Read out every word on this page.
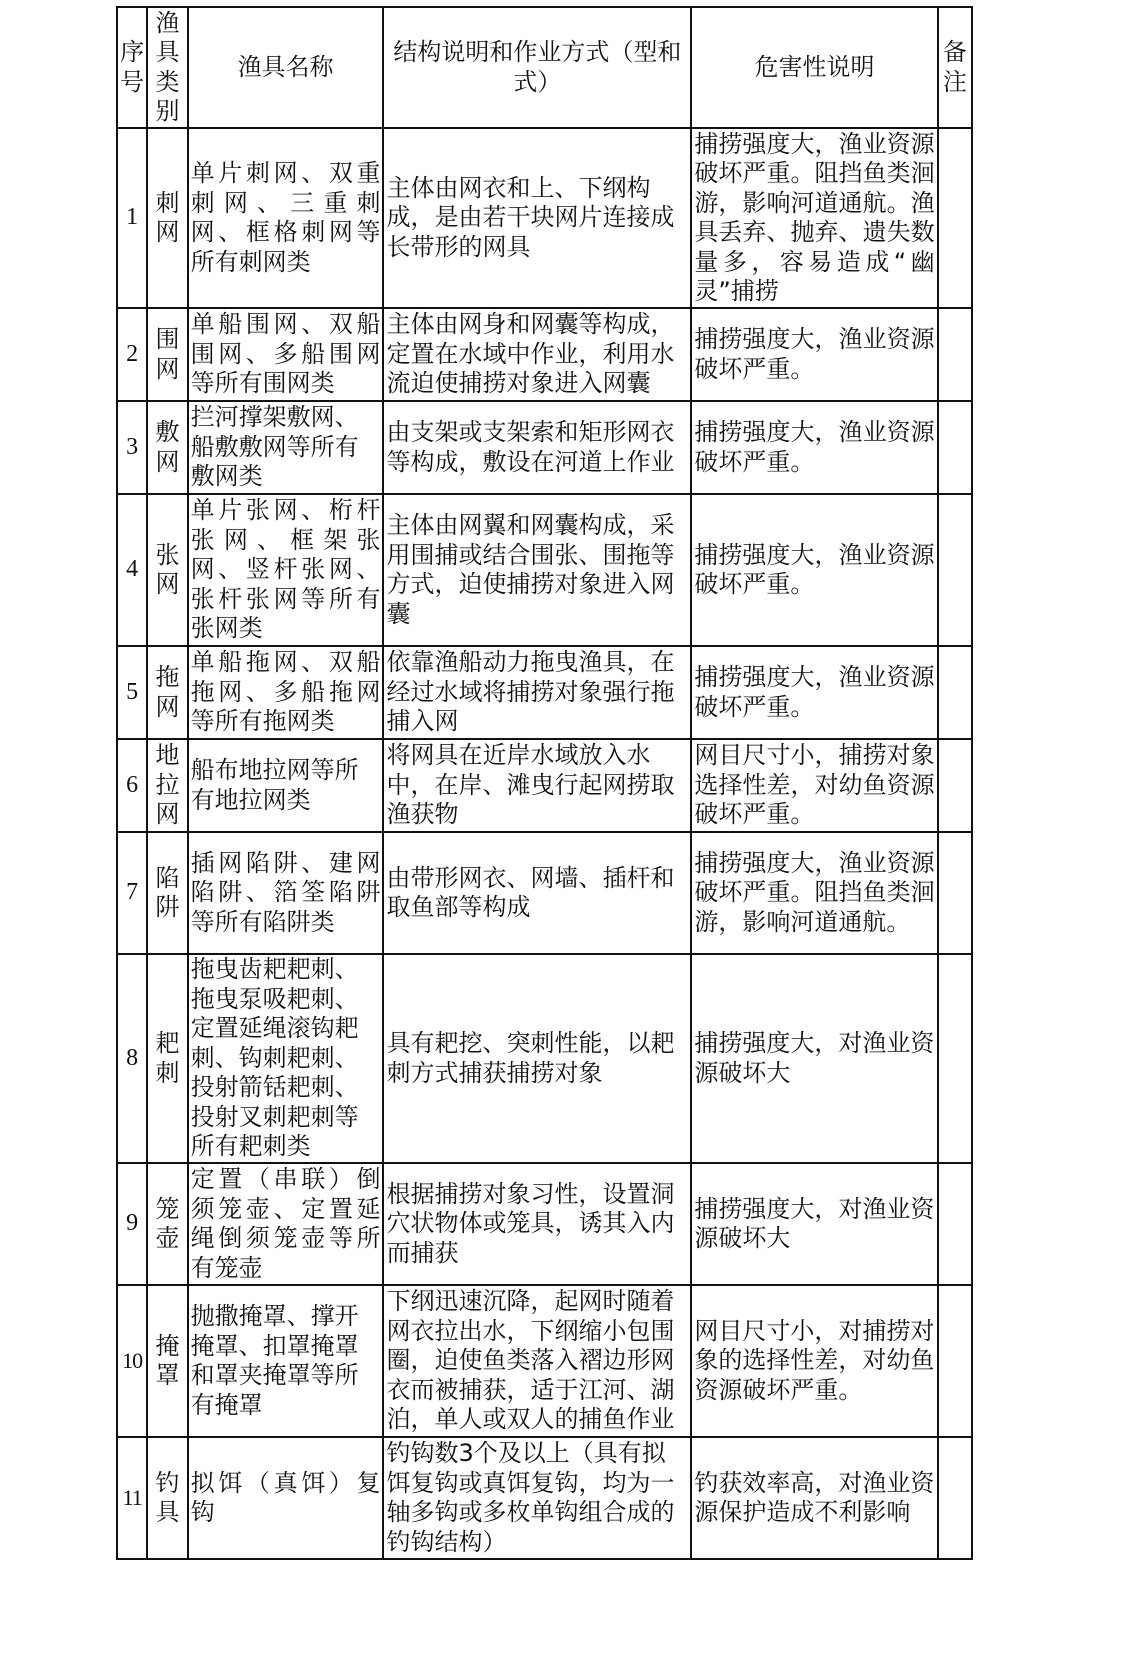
序号	渔具类别	渔具名称	结构说明和作业方式（型和式）	危害性说明	备注
1	刺网	单片刺网、双重刺网、三重刺网、框格刺网等所有刺网类	主体由网衣和上、下纲构成，是由若干块网片连接成长带形的网具	捕捞强度大，渔业资源破坏严重。阻挡鱼类洄游，影响河道通航。渔具丢弃、抛弃、遗失数量多，容易造成“幽灵”捕捞	
2	围网	单船围网、双船围网、多船围网等所有围网类	主体由网身和网囊等构成，定置在水域中作业，利用水流迫使捕捞对象进入网囊	捕捞强度大，渔业资源破坏严重。	
3	敷网	拦河撑架敷网、船敷敷网等所有敷网类	由支架或支架索和矩形网衣等构成，敷设在河道上作业	捕捞强度大，渔业资源破坏严重。	
4	张网	单片张网、桁杆张网、框架张网、竖杆张网、张杆张网等所有张网类	主体由网翼和网囊构成，采用围捕或结合围张、围拖等方式，迫使捕捞对象进入网囊	捕捞强度大，渔业资源破坏严重。	
5	拖网	单船拖网、双船拖网、多船拖网等所有拖网类	依靠渔船动力拖曳渔具，在经过水域将捕捞对象强行拖捕入网	捕捞强度大，渔业资源破坏严重。	
6	地拉网	船布地拉网等所有地拉网类	将网具在近岸水域放入水中，在岸、滩曳行起网捞取渔获物	网目尺寸小，捕捞对象选择性差，对幼鱼资源破坏严重。	
7	陷阱	插网陷阱、建网陷阱、箔筌陷阱等所有陷阱类	由带形网衣、网墙、插杆和取鱼部等构成	捕捞强度大，渔业资源破坏严重。阻挡鱼类洄游，影响河道通航。	
8	耙刺	拖曳齿耙耙刺、拖曳泵吸耙刺、定置延绳滚钩耙刺、钩刺耙刺、投射箭铦耙刺、投射叉刺耙刺等所有耙刺类	具有耙挖、突刺性能，以耙刺方式捕获捕捞对象	捕捞强度大，对渔业资源破坏大	
9	笼壶	定置（串联）倒须笼壶、定置延绳倒须笼壶等所有笼壶	根据捕捞对象习性，设置洞穴状物体或笼具，诱其入内而捕获	捕捞强度大，对渔业资源破坏大	
10	掩罩	抛撒掩罩、撑开掩罩、扣罩掩罩和罩夹掩罩等所有掩罩	下纲迅速沉降，起网时随着网衣拉出水，下纲缩小包围圈，迫使鱼类落入褶边形网衣而被捕获，适于江河、湖泊，单人或双人的捕鱼作业	网目尺寸小，对捕捞对象的选择性差，对幼鱼资源破坏严重。	
11	钓具	拟饵（真饵）复钩	钓钩数3个及以上（具有拟饵复钩或真饵复钩，均为一轴多钩或多枚单钩组合成的钓钩结构）	钓获效率高，对渔业资源保护造成不利影响	
